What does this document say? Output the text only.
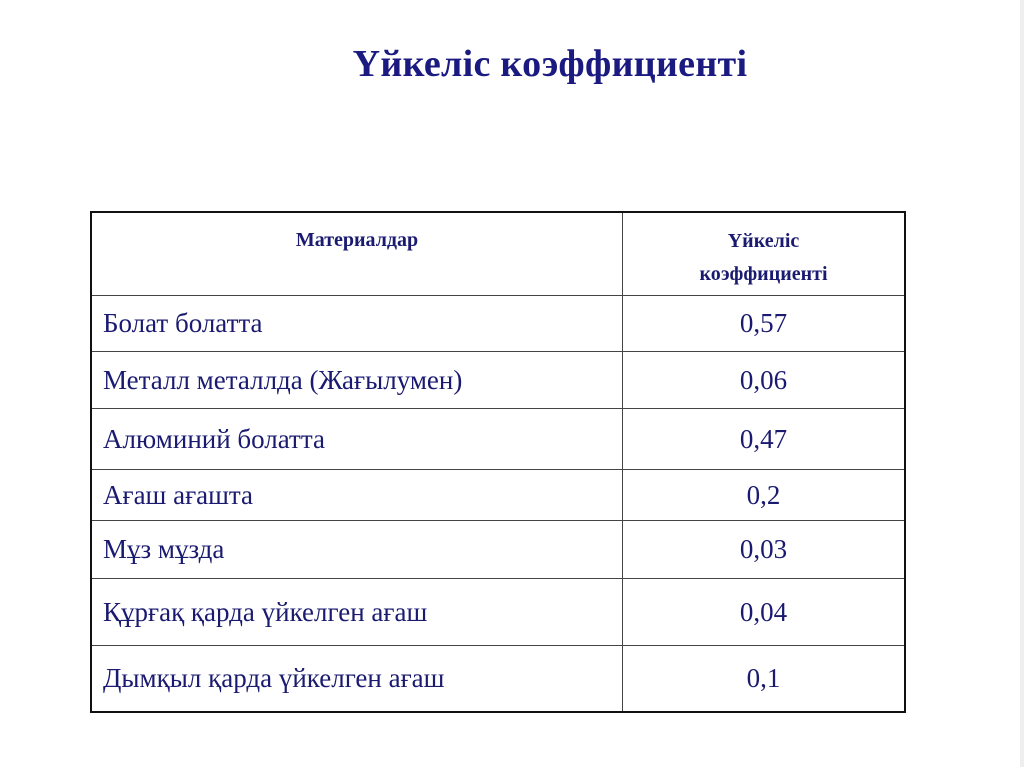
Үйкеліс коэффициенті
Материалдар	Үйкеліс
коэффициенті
Болат болатта	0,57
Металл металлда (Жағылумен)	0,06
Алюминий болатта	0,47
Ағаш ағашта	0,2
Мұз мұзда	0,03
Құрғақ қарда үйкелген ағаш	0,04
Дымқыл қарда үйкелген ағаш	0,1
